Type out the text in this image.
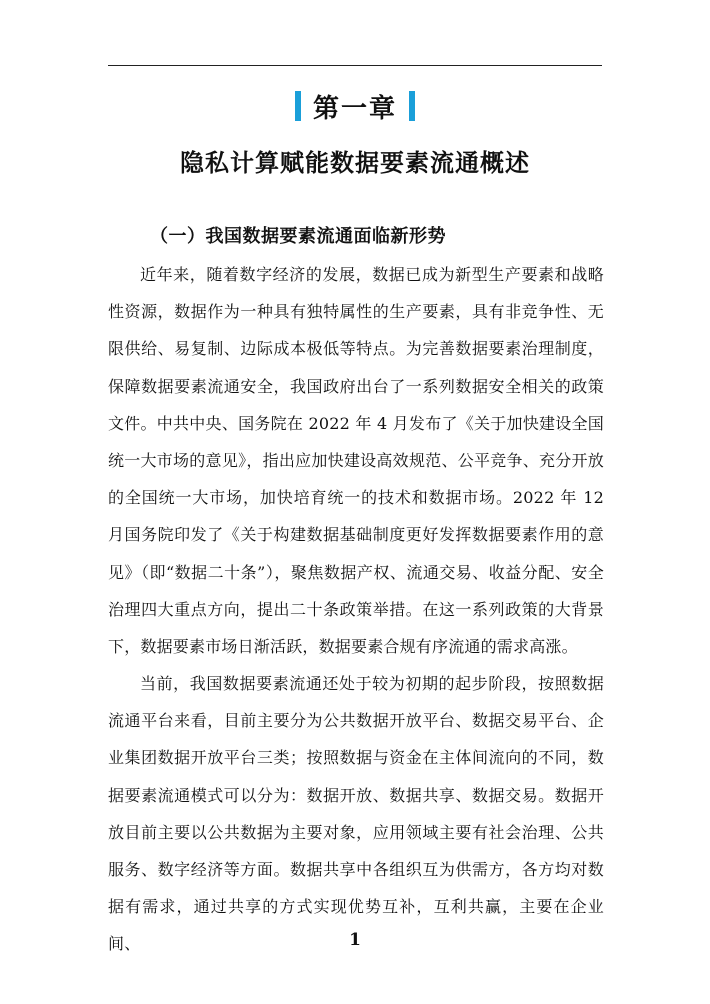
第一章
隐私计算赋能数据要素流通概述
（一）我国数据要素流通面临新形势

近年来，随着数字经济的发展，数据已成为新型生产要素和战略性资源，数据作为一种具有独特属性的生产要素，具有非竞争性、无限供给、易复制、边际成本极低等特点。为完善数据要素治理制度，保障数据要素流通安全，我国政府出台了一系列数据安全相关的政策文件。中共中央、国务院在 2022 年 4 月发布了《关于加快建设全国统一大市场的意见》，指出应加快建设高效规范、公平竞争、充分开放的全国统一大市场，加快培育统一的技术和数据市场。2022 年 12 月国务院印发了《关于构建数据基础制度更好发挥数据要素作用的意见》（即“数据二十条”），聚焦数据产权、流通交易、收益分配、安全治理四大重点方向，提出二十条政策举措。在这一系列政策的大背景下，数据要素市场日渐活跃，数据要素合规有序流通的需求高涨。

当前，我国数据要素流通还处于较为初期的起步阶段，按照数据流通平台来看，目前主要分为公共数据开放平台、数据交易平台、企业集团数据开放平台三类；按照数据与资金在主体间流向的不同，数据要素流通模式可以分为：数据开放、数据共享、数据交易。数据开放目前主要以公共数据为主要对象，应用领域主要有社会治理、公共服务、数字经济等方面。数据共享中各组织互为供需方，各方均对数据有需求，通过共享的方式实现优势互补，互利共赢，主要在企业间、	1
